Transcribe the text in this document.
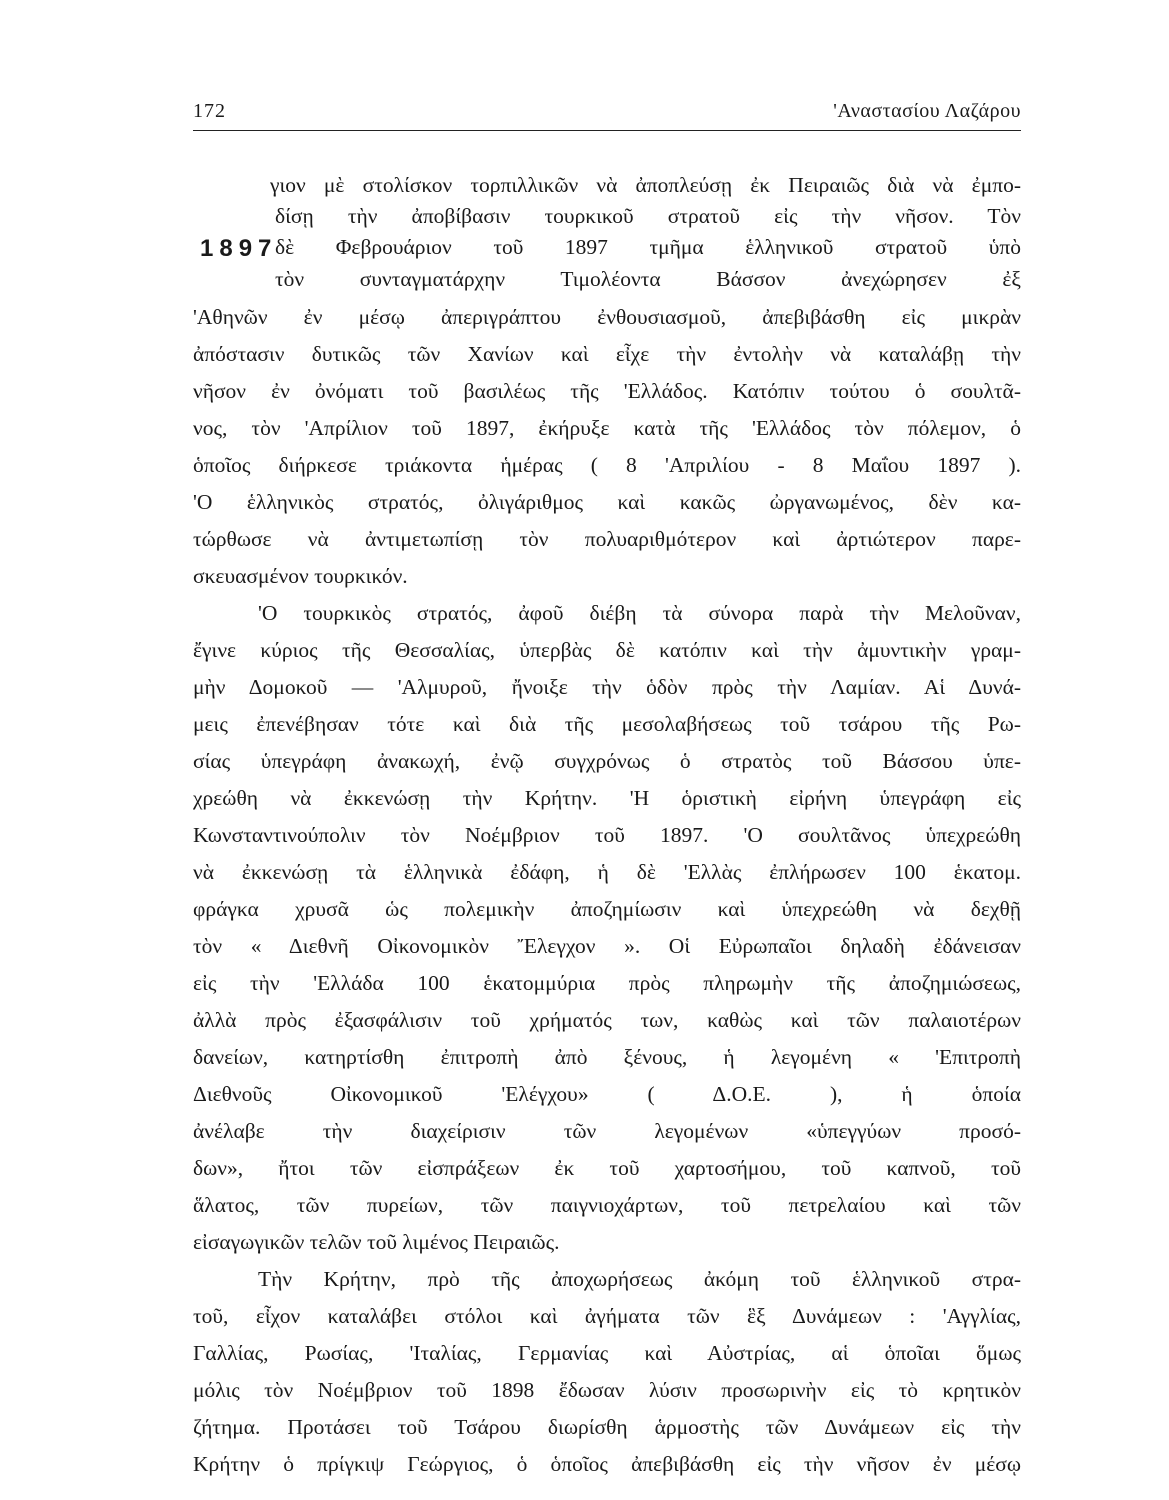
172	'Αναστασίου Λαζάρου
1897
γιον μὲ στολίσκον τορπιλλικῶν νὰ ἀποπλεύσῃ ἐκ Πειραιῶς διὰ νὰ ἐμπο-
δίσῃ τὴν ἀποβίβασιν τουρκικοῦ στρατοῦ εἰς τὴν νῆσον. Τὸν
δὲ Φεβρουάριον τοῦ 1897 τμῆμα ἑλληνικοῦ στρατοῦ ὑπὸ
τὸν συνταγματάρχην Τιμολέοντα Βάσσον ἀνεχώρησεν ἐξ
'Αθηνῶν ἐν μέσῳ ἀπεριγράπτου ἐνθουσιασμοῦ, ἀπεβιβάσθη εἰς μικρὰν
ἀπόστασιν δυτικῶς τῶν Χανίων καὶ εἶχε τὴν ἐντολὴν νὰ καταλάβῃ τὴν
νῆσον ἐν ὀνόματι τοῦ βασιλέως τῆς 'Ελλάδος. Κατόπιν τούτου ὁ σουλτᾶ-
νος, τὸν 'Απρίλιον τοῦ 1897, ἐκήρυξε κατὰ τῆς 'Ελλάδος τὸν πόλεμον, ὁ
ὁποῖος διήρκεσε τριάκοντα ἡμέρας ( 8 'Απριλίου - 8 Μαΐου 1897 ).
'Ο ἑλληνικὸς στρατός, ὀλιγάριθμος καὶ κακῶς ὠργανωμένος, δὲν κα-
τώρθωσε νὰ ἀντιμετωπίσῃ τὸν πολυαριθμότερον καὶ ἀρτιώτερον παρε-
σκευασμένον τουρκικόν.
'Ο τουρκικὸς στρατός, ἀφοῦ διέβη τὰ σύνορα παρὰ τὴν Μελοῦναν,
ἔγινε κύριος τῆς Θεσσαλίας, ὑπερβὰς δὲ κατόπιν καὶ τὴν ἀμυντικὴν γραμ-
μὴν Δομοκοῦ — 'Αλμυροῦ, ἤνοιξε τὴν ὁδὸν πρὸς τὴν Λαμίαν. Αἱ Δυνά-
μεις ἐπενέβησαν τότε καὶ διὰ τῆς μεσολαβήσεως τοῦ τσάρου τῆς Ρω-
σίας ὑπεγράφη ἀνακωχή, ἐνῷ συγχρόνως ὁ στρατὸς τοῦ Βάσσου ὑπε-
χρεώθη νὰ ἐκκενώσῃ τὴν Κρήτην. 'Η ὁριστικὴ εἰρήνη ὑπεγράφη εἰς
Κωνσταντινούπολιν τὸν Νοέμβριον τοῦ 1897. 'Ο σουλτᾶνος ὑπεχρεώθη
νὰ ἐκκενώσῃ τὰ ἑλληνικὰ ἐδάφη, ἡ δὲ 'Ελλὰς ἐπλήρωσεν 100 ἑκατομ.
φράγκα χρυσᾶ ὡς πολεμικὴν ἀποζημίωσιν καὶ ὑπεχρεώθη νὰ δεχθῇ
τὸν « Διεθνῆ Οἰκονομικὸν Ἔλεγχον ». Οἱ Εὐρωπαῖοι δηλαδὴ ἐδάνεισαν
εἰς τὴν 'Ελλάδα 100 ἑκατομμύρια πρὸς πληρωμὴν τῆς ἀποζημιώσεως,
ἀλλὰ πρὸς ἐξασφάλισιν τοῦ χρήματός των, καθὼς καὶ τῶν παλαιοτέρων
δανείων, κατηρτίσθη ἐπιτροπὴ ἀπὸ ξένους, ἡ λεγομένη « 'Επιτροπὴ
Διεθνοῦς Οἰκονομικοῦ 'Ελέγχου» ( Δ.Ο.Ε. ), ἡ ὁποία
ἀνέλαβε τὴν διαχείρισιν τῶν λεγομένων «ὑπεγγύων προσό-
δων», ἤτοι τῶν εἰσπράξεων ἐκ τοῦ χαρτοσήμου, τοῦ καπνοῦ, τοῦ
ἅλατος, τῶν πυρείων, τῶν παιγνιοχάρτων, τοῦ πετρελαίου καὶ τῶν
εἰσαγωγικῶν τελῶν τοῦ λιμένος Πειραιῶς.
Τὴν Κρήτην, πρὸ τῆς ἀποχωρήσεως ἀκόμη τοῦ ἑλληνικοῦ στρα-
τοῦ, εἶχον καταλάβει στόλοι καὶ ἀγήματα τῶν ἓξ Δυνάμεων : 'Αγγλίας,
Γαλλίας, Ρωσίας, 'Ιταλίας, Γερμανίας καὶ Αὐστρίας, αἱ ὁποῖαι ὅμως
μόλις τὸν Νοέμβριον τοῦ 1898 ἔδωσαν λύσιν προσωρινὴν εἰς τὸ κρητικὸν
ζήτημα. Προτάσει τοῦ Τσάρου διωρίσθη ἁρμοστὴς τῶν Δυνάμεων εἰς τὴν
Κρήτην ὁ πρίγκιψ Γεώργιος, ὁ ὁποῖος ἀπεβιβάσθη εἰς τὴν νῆσον ἐν μέσῳ
